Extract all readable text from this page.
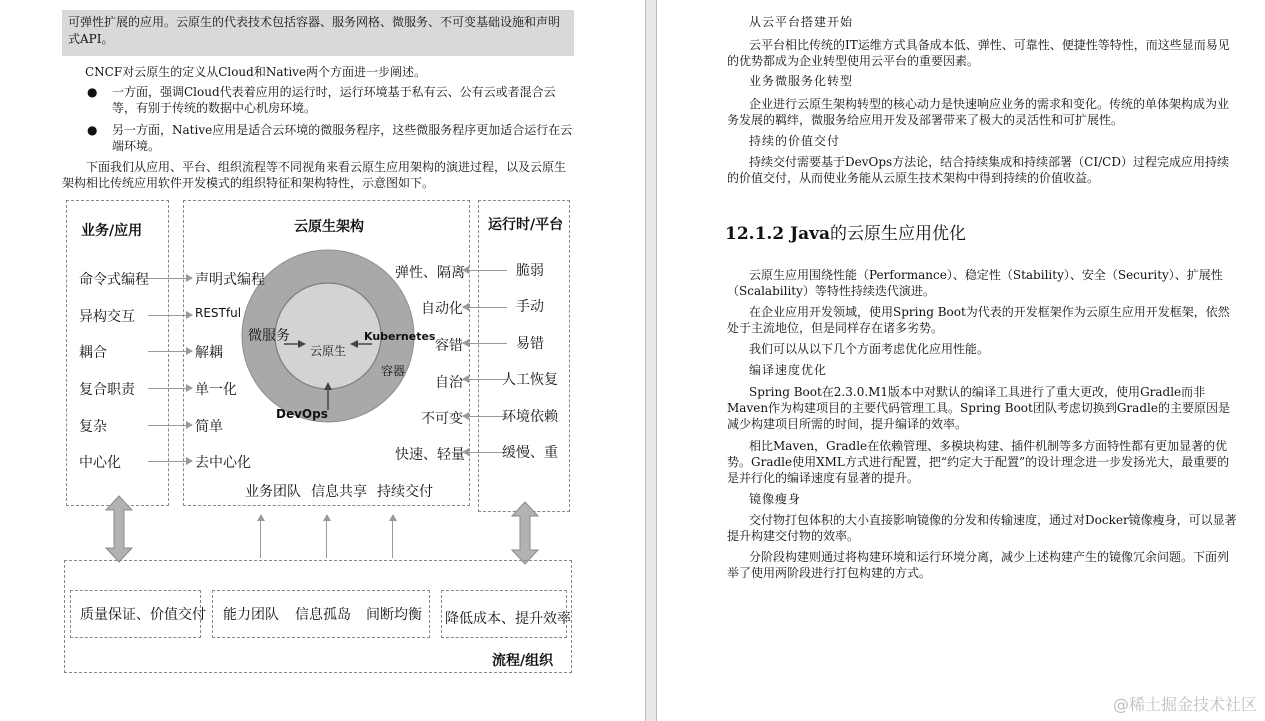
可弹性扩展的应用。云原生的代表技术包括容器、服务网格、微服务、不可变基础设施和声明式API。

CNCF对云原生的定义从Cloud和Native两个方面进一步阐述。

● 一方面，强调Cloud代表着应用的运行时，运行环境基于私有云、公有云或者混合云等，有别于传统的数据中心机房环境。
● 另一方面，Native应用是适合云环境的微服务程序，这些微服务程序更加适合运行在云端环境。

下面我们从应用、平台、组织流程等不同视角来看云原生应用架构的演进过程，以及云原生架构相比传统应用软件开发模式的组织特征和架构特性，示意图如下。

业务/应用
命令式编程
异构交互
耦合
复合职责
复杂
中心化
云原生架构
微服务	Kubernetes
容器
DevOps
云原生
声明式编程
RESTful
解耦
单一化
简单
去中心化
弹性、隔离
自动化
容错
自治
不可变
快速、轻量
业务团队 信息共享 持续交付
运行时/平台
脆弱
手动
易错
人工恢复
环境依赖
缓慢、重
质量保证、价值交付 能力团队 信息孤岛 间断均衡 降低成本、提升效率
流程/组织
从云平台搭建开始
云平台相比传统的IT运维方式具备成本低、弹性、可靠性、便捷性等特性，而这些显而易见的优势都成为企业转型使用云平台的重要因素。
业务微服务化转型
企业进行云原生架构转型的核心动力是快速响应业务的需求和变化。传统的单体架构成为业务发展的羁绊，微服务给应用开发及部署带来了极大的灵活性和可扩展性。
持续的价值交付
持续交付需要基于DevOps方法论，结合持续集成和持续部署（CI/CD）过程完成应用持续的价值交付，从而使业务能从云原生技术架构中得到持续的价值收益。
12.1.2 Java的云原生应用优化
云原生应用围绕性能（Performance）、稳定性（Stability）、安全（Security）、扩展性（Scalability）等特性持续迭代演进。
在企业应用开发领域，使用Spring Boot为代表的开发框架作为云原生应用开发框架，依然处于主流地位，但是同样存在诸多劣势。
我们可以从以下几个方面考虑优化应用性能。
编译速度优化
Spring Boot在2.3.0.M1版本中对默认的编译工具进行了重大更改，使用Gradle而非Maven作为构建项目的主要代码管理工具。Spring Boot团队考虑切换到Gradle的主要原因是减少构建项目所需的时间，提升编译的效率。
相比Maven，Gradle在依赖管理、多模块构建、插件机制等多方面特性都有更加显著的优势。Gradle使用XML方式进行配置，把“约定大于配置”的设计理念进一步发扬光大，最重要的是并行化的编译速度有显著的提升。
镜像瘦身
交付物打包体积的大小直接影响镜像的分发和传输速度，通过对Docker镜像瘦身，可以显著提升构建交付物的效率。
分阶段构建则通过将构建环境和运行环境分离，减少上述构建产生的镜像冗余问题。下面列举了使用两阶段进行打包构建的方式。
@稀土掘金技术社区
